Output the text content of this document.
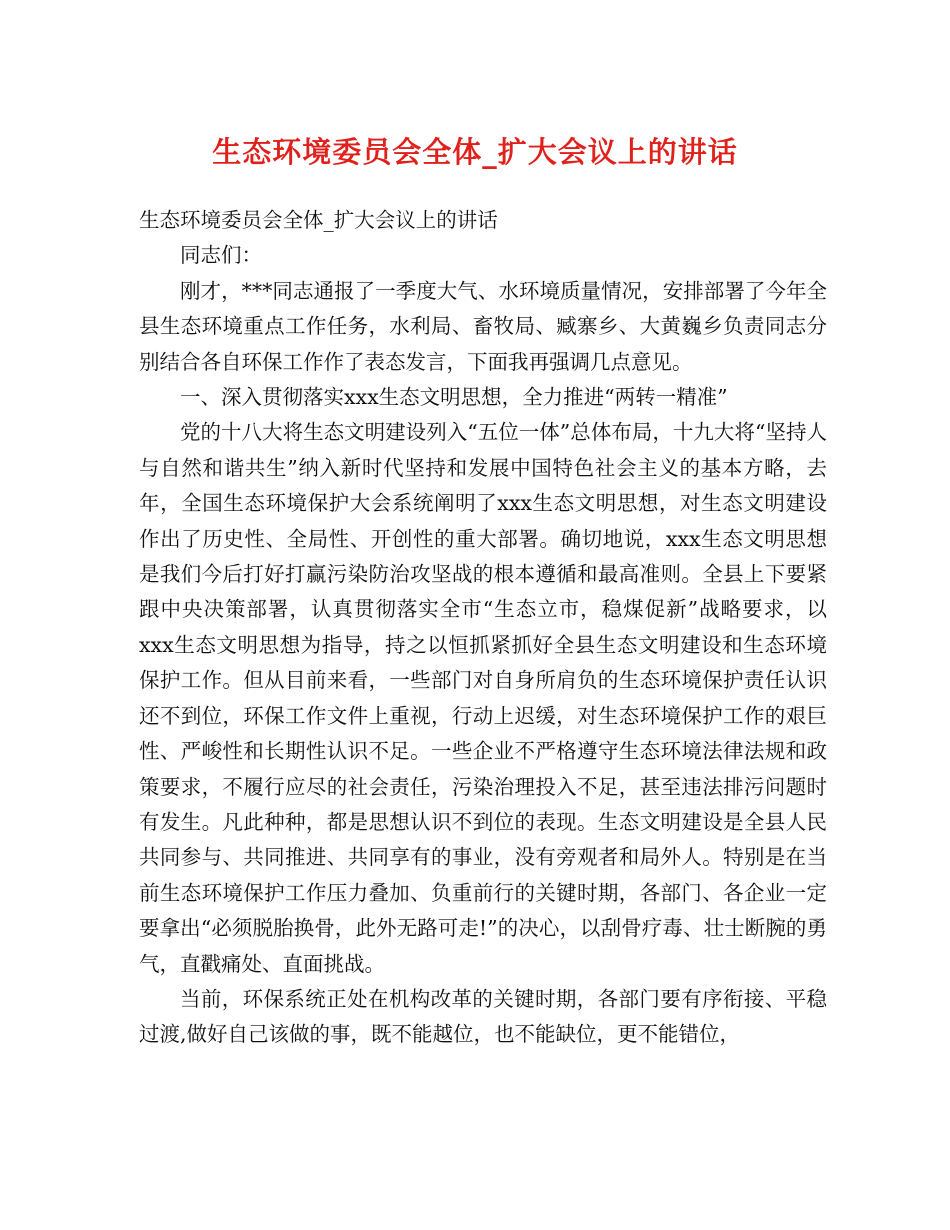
生态环境委员会全体_扩大会议上的讲话

生态环境委员会全体_扩大会议上的讲话

同志们：

刚才，***同志通报了一季度大气、水环境质量情况，安排部署了今年全县生态环境重点工作任务，水利局、畜牧局、臧寨乡、大黄巍乡负责同志分别结合各自环保工作作了表态发言，下面我再强调几点意见。

一、深入贯彻落实xxx生态文明思想，全力推进“两转一精准”

党的十八大将生态文明建设列入“五位一体”总体布局，十九大将“坚持人与自然和谐共生”纳入新时代坚持和发展中国特色社会主义的基本方略，去年，全国生态环境保护大会系统阐明了xxx生态文明思想，对生态文明建设作出了历史性、全局性、开创性的重大部署。确切地说，xxx生态文明思想是我们今后打好打赢污染防治攻坚战的根本遵循和最高准则。全县上下要紧跟中央决策部署，认真贯彻落实全市“生态立市，稳煤促新”战略要求，以xxx生态文明思想为指导，持之以恒抓紧抓好全县生态文明建设和生态环境保护工作。但从目前来看，一些部门对自身所肩负的生态环境保护责任认识还不到位，环保工作文件上重视，行动上迟缓，对生态环境保护工作的艰巨性、严峻性和长期性认识不足。一些企业不严格遵守生态环境法律法规和政策要求，不履行应尽的社会责任，污染治理投入不足，甚至违法排污问题时有发生。凡此种种，都是思想认识不到位的表现。生态文明建设是全县人民共同参与、共同推进、共同享有的事业，没有旁观者和局外人。特别是在当前生态环境保护工作压力叠加、负重前行的关键时期，各部门、各企业一定要拿出“必须脱胎换骨，此外无路可走!”的决心，以刮骨疗毒、壮士断腕的勇气，直戳痛处、直面挑战。

当前，环保系统正处在机构改革的关键时期，各部门要有序衔接、平稳过渡,做好自己该做的事，既不能越位，也不能缺位，更不能错位，
